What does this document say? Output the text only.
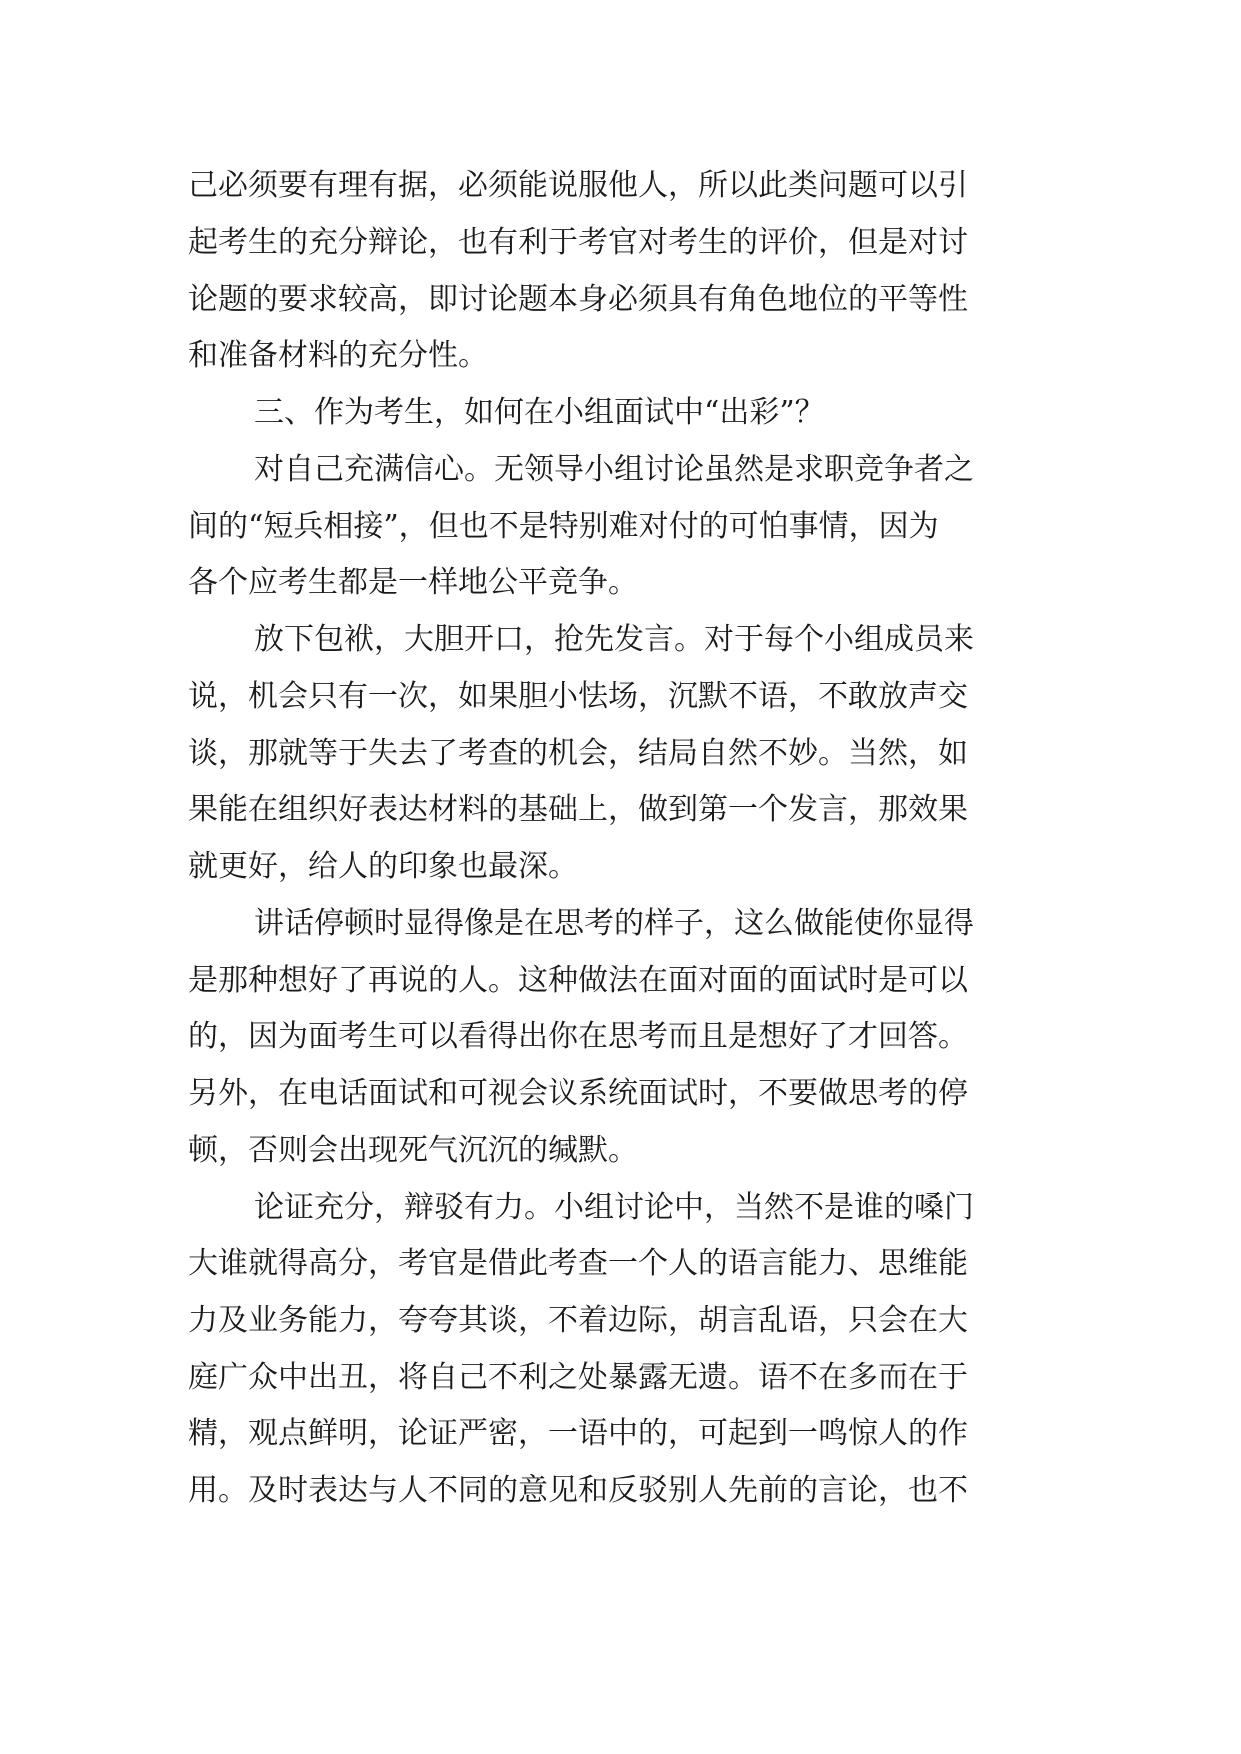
己必须要有理有据，必须能说服他人，所以此类问题可以引
起考生的充分辩论，也有利于考官对考生的评价，但是对讨
论题的要求较高，即讨论题本身必须具有角色地位的平等性
和准备材料的充分性。
三、作为考生，如何在小组面试中“出彩”？
对自己充满信心。无领导小组讨论虽然是求职竞争者之
间的“短兵相接”，但也不是特别难对付的可怕事情，因为
各个应考生都是一样地公平竞争。
放下包袱，大胆开口，抢先发言。对于每个小组成员来
说，机会只有一次，如果胆小怯场，沉默不语，不敢放声交
谈，那就等于失去了考查的机会，结局自然不妙。当然，如
果能在组织好表达材料的基础上，做到第一个发言，那效果
就更好，给人的印象也最深。
讲话停顿时显得像是在思考的样子，这么做能使你显得
是那种想好了再说的人。这种做法在面对面的面试时是可以
的，因为面考生可以看得出你在思考而且是想好了才回答。
另外，在电话面试和可视会议系统面试时，不要做思考的停
顿，否则会出现死气沉沉的缄默。
论证充分，辩驳有力。小组讨论中，当然不是谁的嗓门
大谁就得高分，考官是借此考查一个人的语言能力、思维能
力及业务能力，夸夸其谈，不着边际，胡言乱语，只会在大
庭广众中出丑，将自己不利之处暴露无遗。语不在多而在于
精，观点鲜明，论证严密，一语中的，可起到一鸣惊人的作
用。及时表达与人不同的意见和反驳别人先前的言论，也不
